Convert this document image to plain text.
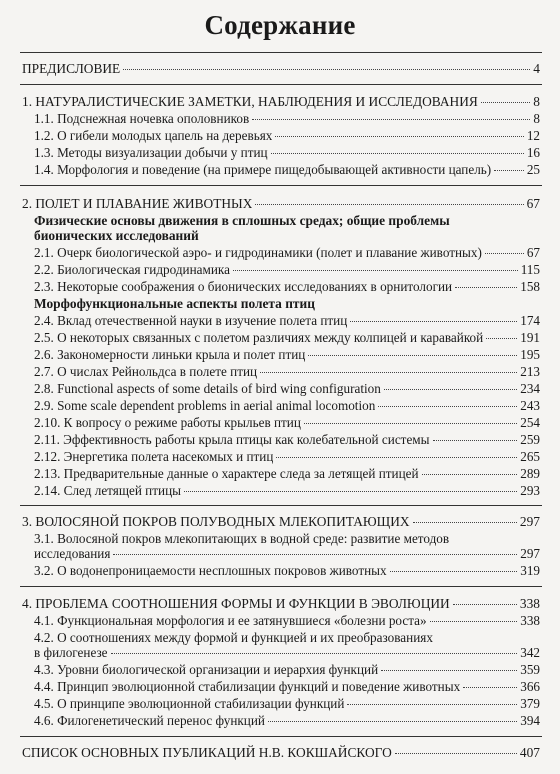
Содержание
ПРЕДИСЛОВИЕ	4
1. НАТУРАЛИСТИЧЕСКИЕ ЗАМЕТКИ, НАБЛЮДЕНИЯ И ИССЛЕДОВАНИЯ	8
1.1. Подснежная ночевка ополовников	8
1.2. О гибели молодых цапель на деревьях	12
1.3. Методы визуализации добычи у птиц	16
1.4. Морфология и поведение (на примере пищедобывающей активности цапель)	25
2. ПОЛЕТ И ПЛАВАНИЕ ЖИВОТНЫХ	67
Физические основы движения в сплошных средах; общие проблемы
бионических исследований
2.1. Очерк биологической аэро- и гидродинамики (полет и плавание животных)	67
2.2. Биологическая гидродинамика	115
2.3. Некоторые соображения о бионических исследованиях в орнитологии	158
Морфофункциональные аспекты полета птиц
2.4. Вклад отечественной науки в изучение полета птиц	174
2.5. О некоторых связанных с полетом различиях между колпицей и каравайкой	191
2.6. Закономерности линьки крыла и полет птиц	195
2.7. О числах Рейнольдса в полете птиц	213
2.8. Functional aspects of some details of bird wing configuration	234
2.9. Some scale dependent problems in aerial animal locomotion	243
2.10. К вопросу о режиме работы крыльев птиц	254
2.11. Эффективность работы крыла птицы как колебательной системы	259
2.12. Энергетика полета насекомых и птиц	265
2.13. Предварительные данные о характере следа за летящей птицей	289
2.14. След летящей птицы	293
3. ВОЛОСЯНОЙ ПОКРОВ ПОЛУВОДНЫХ МЛЕКОПИТАЮЩИХ	297
3.1. Волосяной покров млекопитающих в водной среде: развитие методов
исследования	297
3.2. О водонепроницаемости несплошных покровов животных	319
4. ПРОБЛЕМА СООТНОШЕНИЯ ФОРМЫ И ФУНКЦИИ В ЭВОЛЮЦИИ	338
4.1. Функциональная морфология и ее затянувшиеся «болезни роста»	338
4.2. О соотношениях между формой и функцией и их преобразованиях
в филогенезе	342
4.3. Уровни биологической организации и иерархия функций	359
4.4. Принцип эволюционной стабилизации функций и поведение животных	366
4.5. О принципе эволюционной стабилизации функций	379
4.6. Филогенетический перенос функций	394
СПИСОК ОСНОВНЫХ ПУБЛИКАЦИЙ Н.В. КОКШАЙСКОГО	407
